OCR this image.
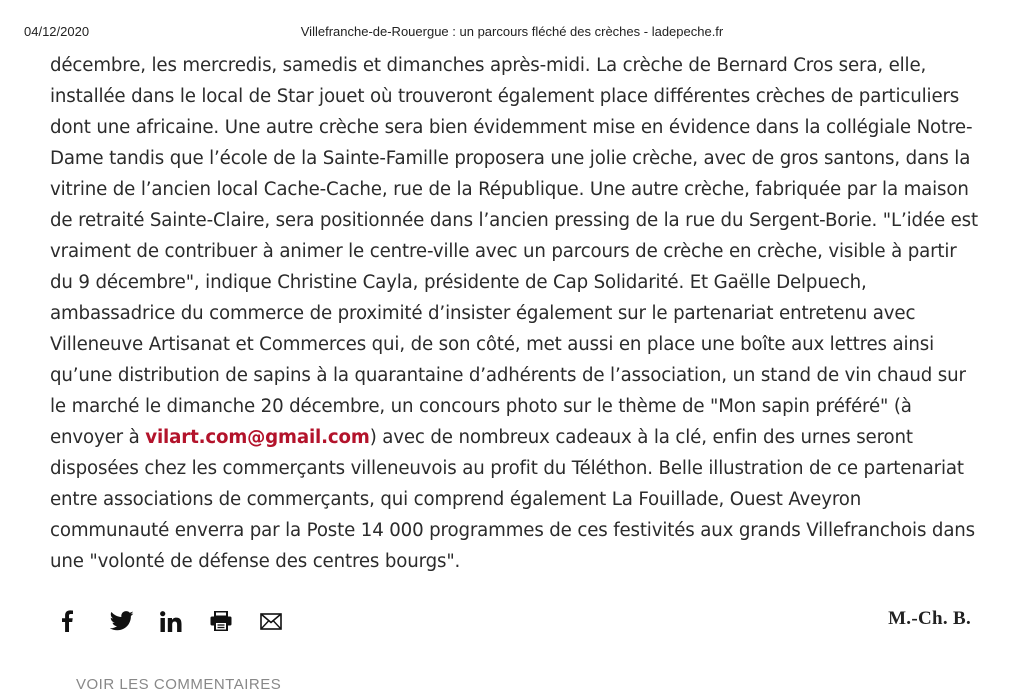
04/12/2020	Villefranche-de-Rouergue : un parcours fléché des crèches - ladepeche.fr

décembre, les mercredis, samedis et dimanches après-midi. La crèche de Bernard Cros sera, elle, installée dans le local de Star jouet où trouveront également place différentes crèches de particuliers dont une africaine. Une autre crèche sera bien évidemment mise en évidence dans la collégiale Notre-Dame tandis que l’école de la Sainte-Famille proposera une jolie crèche, avec de gros santons, dans la vitrine de l’ancien local Cache-Cache, rue de la République. Une autre crèche, fabriquée par la maison de retraité Sainte-Claire, sera positionnée dans l’ancien pressing de la rue du Sergent-Borie. "L’idée est vraiment de contribuer à animer le centre-ville avec un parcours de crèche en crèche, visible à partir du 9 décembre", indique Christine Cayla, présidente de Cap Solidarité. Et Gaëlle Delpuech, ambassadrice du commerce de proximité d’insister également sur le partenariat entretenu avec Villeneuve Artisanat et Commerces qui, de son côté, met aussi en place une boîte aux lettres ainsi qu’une distribution de sapins à la quarantaine d’adhérents de l’association, un stand de vin chaud sur le marché le dimanche 20 décembre, un concours photo sur le thème de "Mon sapin préféré" (à envoyer à vilart.com@gmail.com) avec de nombreux cadeaux à la clé, enfin des urnes seront disposées chez les commerçants villeneuvois au profit du Téléthon. Belle illustration de ce partenariat entre associations de commerçants, qui comprend également La Fouillade, Ouest Aveyron communauté enverra par la Poste 14 000 programmes de ces festivités aux grands Villefranchois dans une "volonté de défense des centres bourgs".

M.-Ch. B.
VOIR LES COMMENTAIRES
